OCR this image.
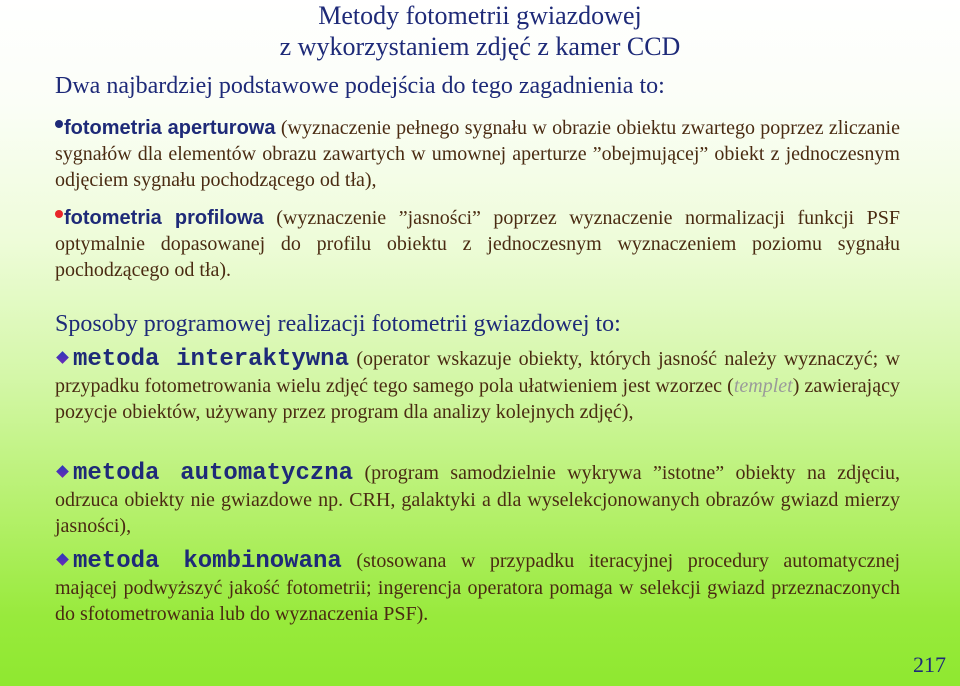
Metody fotometrii gwiazdowej
z wykorzystaniem zdjęć z kamer CCD

Dwa najbardziej podstawowe podejścia do tego zagadnienia to:

fotometria aperturowa (wyznaczenie pełnego sygnału w obrazie obiektu zwartego poprzez zliczanie sygnałów dla elementów obrazu zawartych w umownej aperturze ”obejmującej” obiekt z jednoczesnym odjęciem sygnału pochodzącego od tła),

fotometria profilowa (wyznaczenie ”jasności” poprzez wyznaczenie normalizacji funkcji PSF optymalnie dopasowanej do profilu obiektu z jednoczesnym wyznaczeniem poziomu sygnału pochodzącego od tła).

Sposoby programowej realizacji fotometrii gwiazdowej to:

metoda interaktywna (operator wskazuje obiekty, których jasność należy wyznaczyć; w przypadku fotometrowania wielu zdjęć tego samego pola ułatwieniem jest wzorzec (templet) zawierający pozycje obiektów, używany przez program dla analizy kolejnych zdjęć),

metoda automatyczna (program samodzielnie wykrywa ”istotne” obiekty na zdjęciu, odrzuca obiekty nie gwiazdowe np. CRH, galaktyki a dla wyselekcjonowanych obrazów gwiazd mierzy jasności),

metoda kombinowana (stosowana w przypadku iteracyjnej procedury automatycznej mającej podwyższyć jakość fotometrii; ingerencja operatora pomaga w selekcji gwiazd przeznaczonych do sfotometrowania lub do wyznaczenia PSF).

217
